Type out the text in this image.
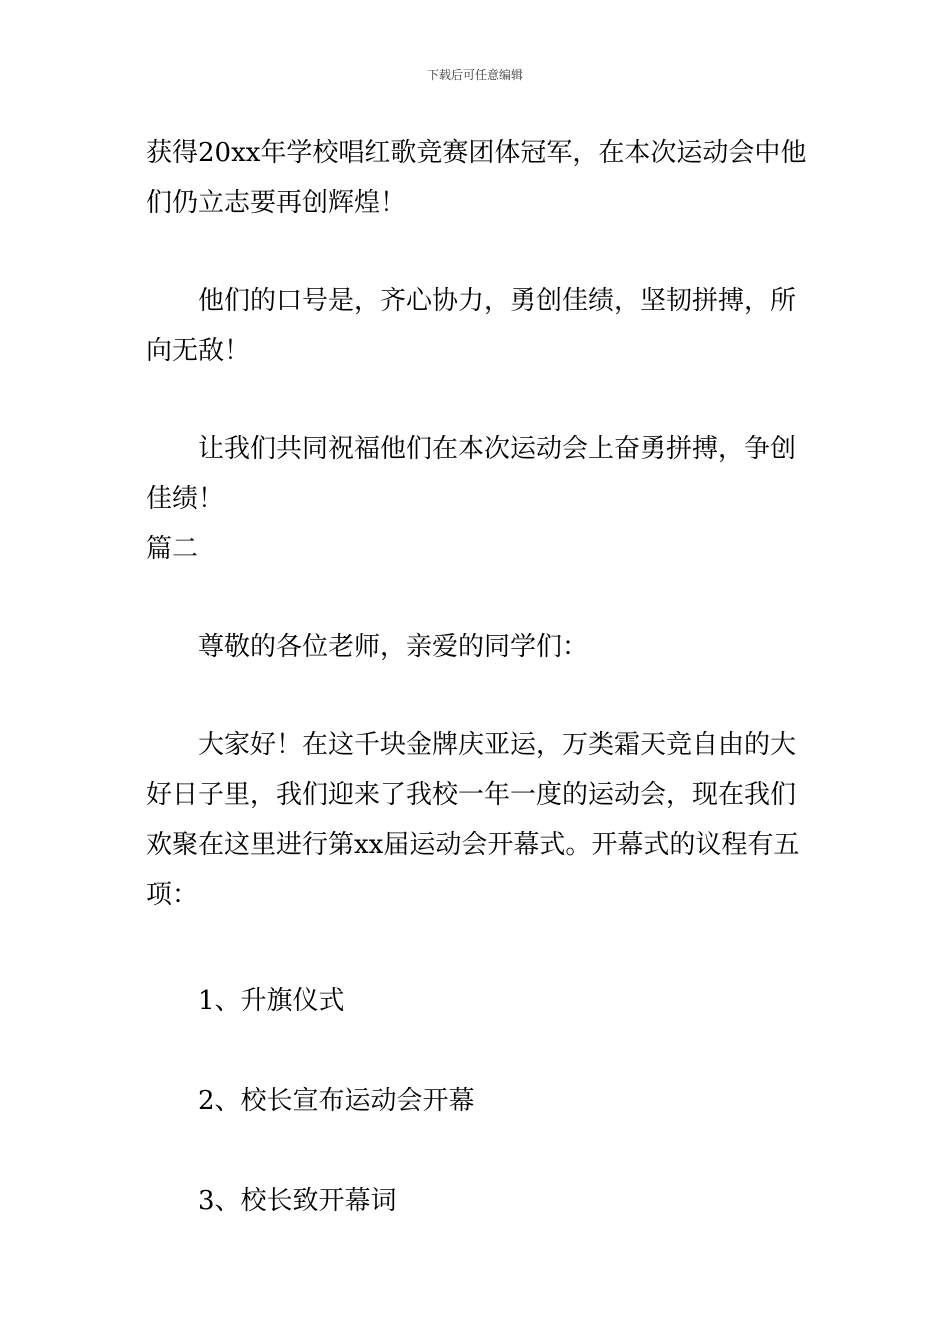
下载后可任意编辑

获得20xx年学校唱红歌竞赛团体冠军，在本次运动会中他们仍立志要再创辉煌！

他们的口号是，齐心协力，勇创佳绩，坚韧拼搏，所向无敌！

让我们共同祝福他们在本次运动会上奋勇拼搏，争创佳绩！

篇二

尊敬的各位老师，亲爱的同学们：

大家好！在这千块金牌庆亚运，万类霜天竞自由的大好日子里，我们迎来了我校一年一度的运动会，现在我们欢聚在这里进行第xx届运动会开幕式。开幕式的议程有五项：

1、升旗仪式

2、校长宣布运动会开幕

3、校长致开幕词
